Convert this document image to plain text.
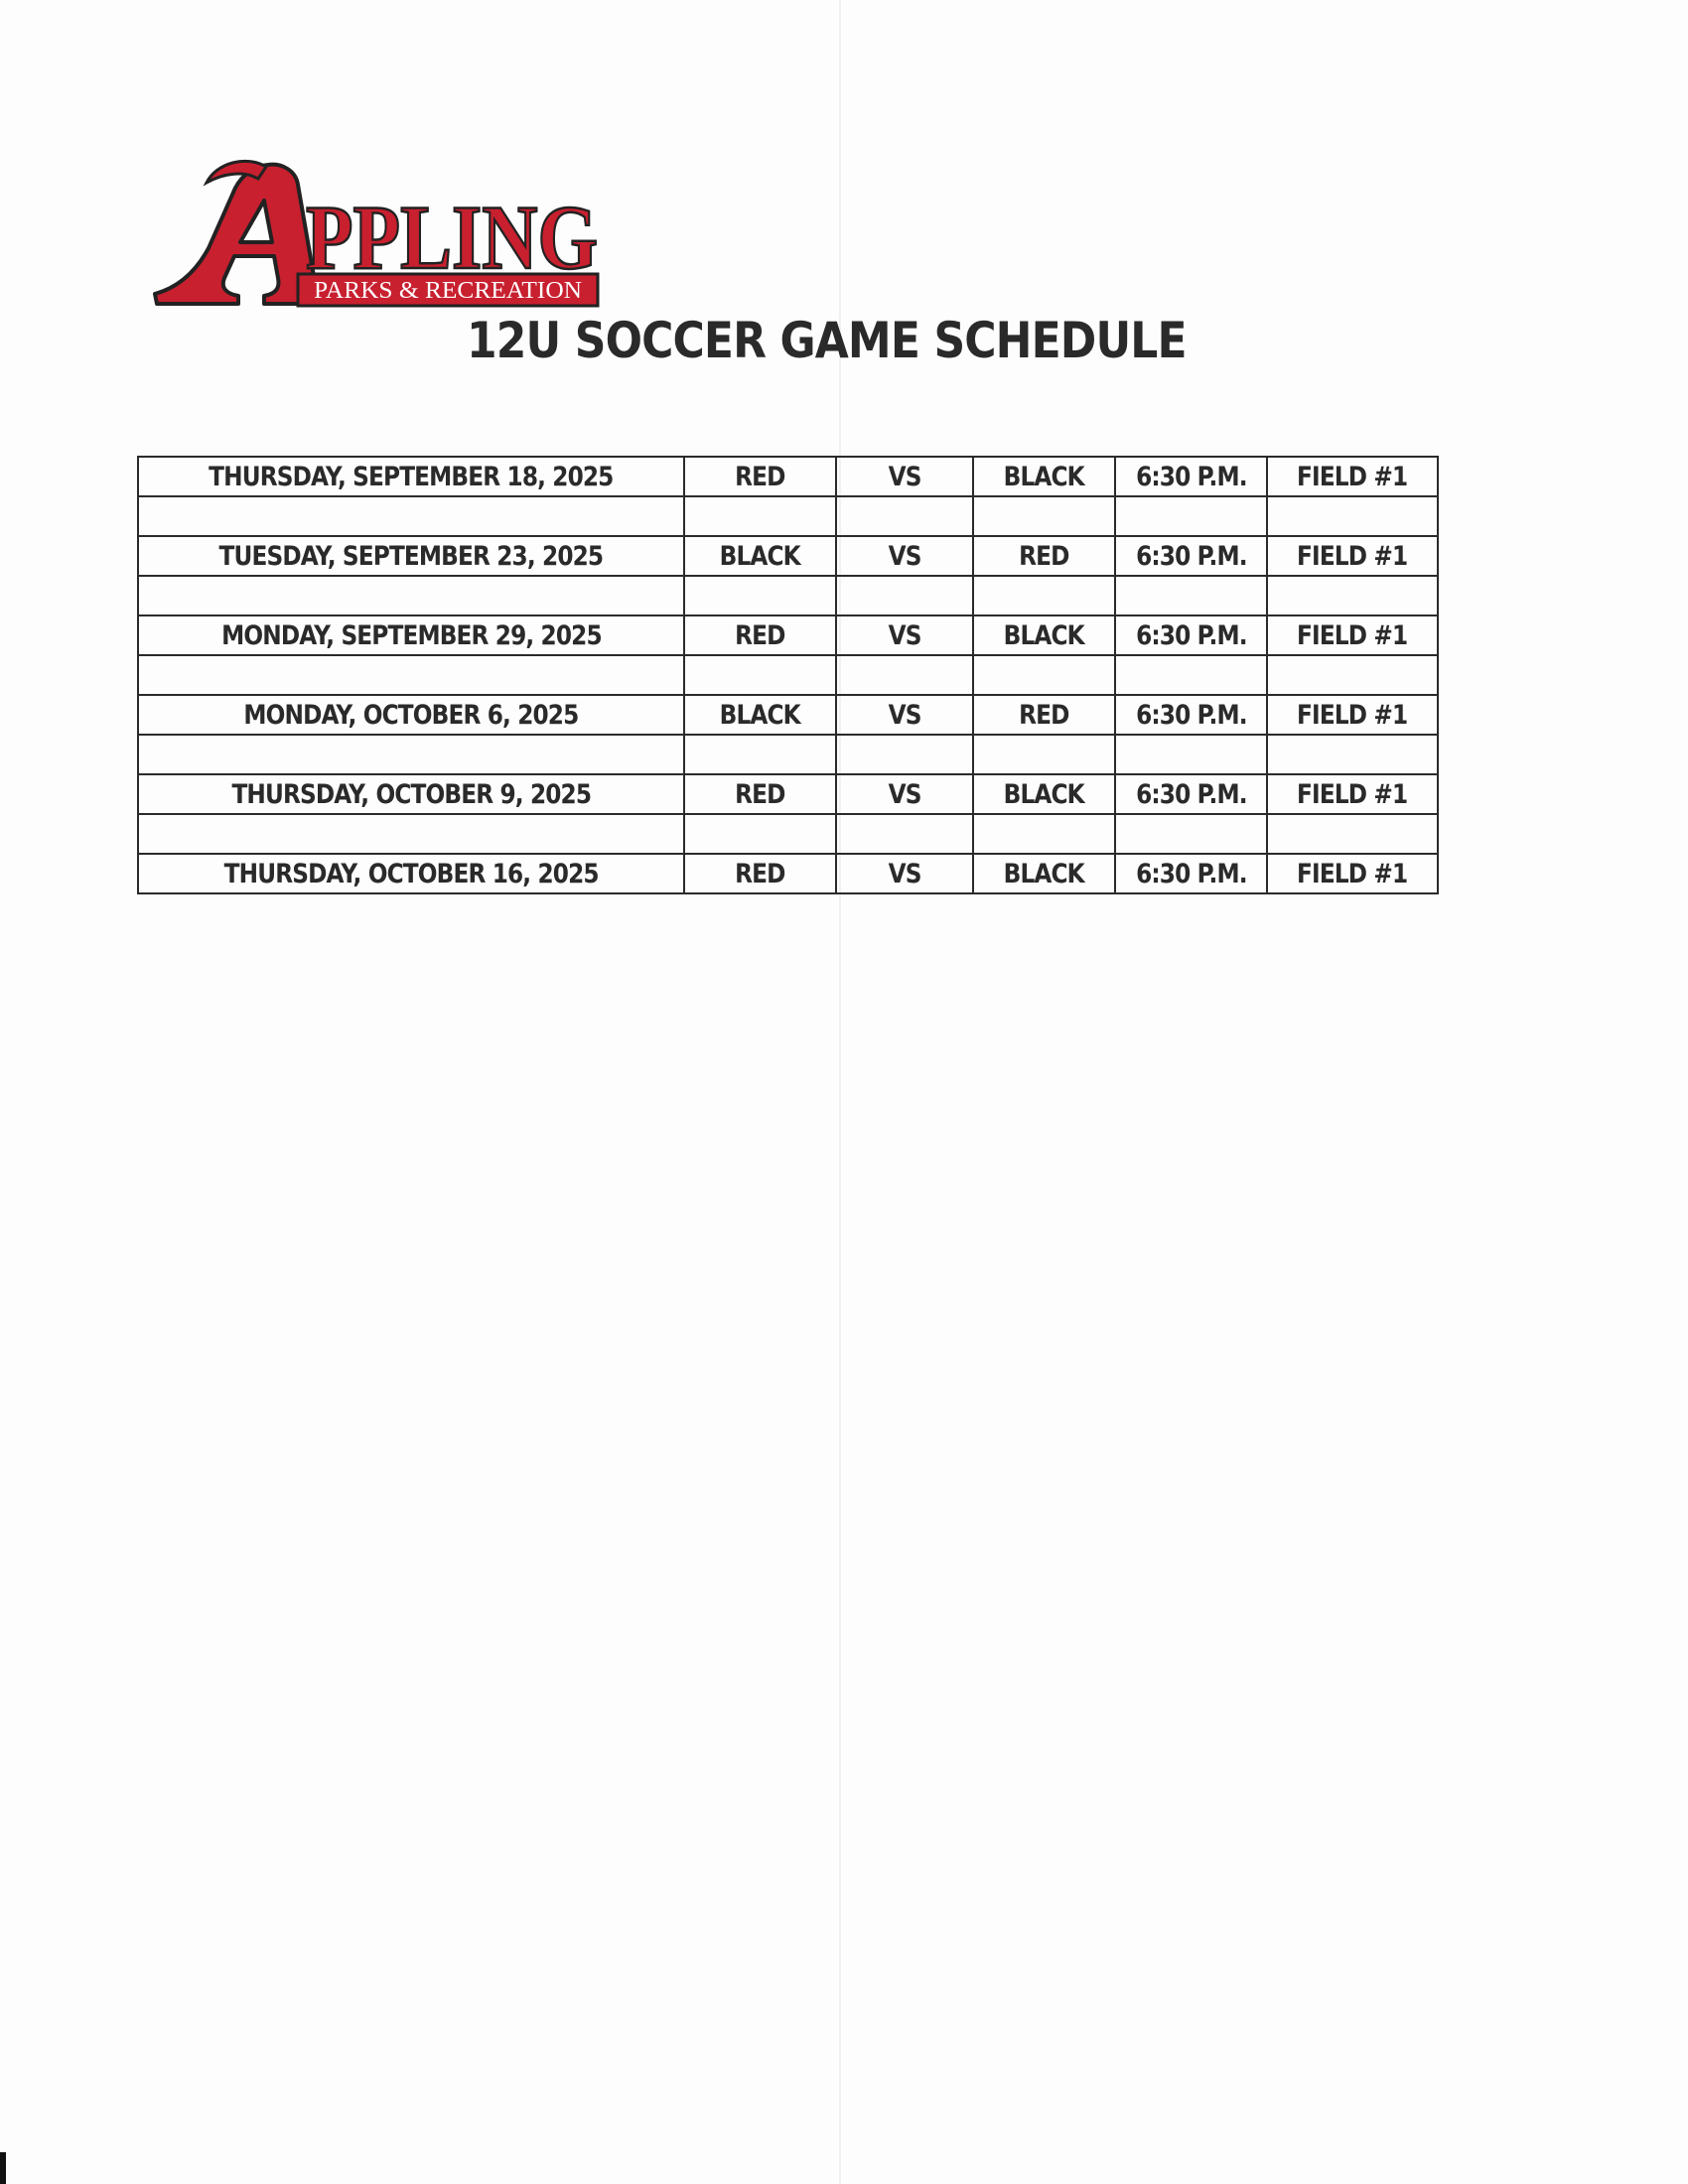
PARKS & RECREATION
PPLING
12U SOCCER GAME SCHEDULE
THURSDAY, SEPTEMBER 18, 2025	RED	VS	BLACK	6:30 P.M.	FIELD #1

TUESDAY, SEPTEMBER 23, 2025	BLACK	VS	RED	6:30 P.M.	FIELD #1

MONDAY, SEPTEMBER 29, 2025	RED	VS	BLACK	6:30 P.M.	FIELD #1

MONDAY, OCTOBER 6, 2025	BLACK	VS	RED	6:30 P.M.	FIELD #1

THURSDAY, OCTOBER 9, 2025	RED	VS	BLACK	6:30 P.M.	FIELD #1

THURSDAY, OCTOBER 16, 2025	RED	VS	BLACK	6:30 P.M.	FIELD #1
